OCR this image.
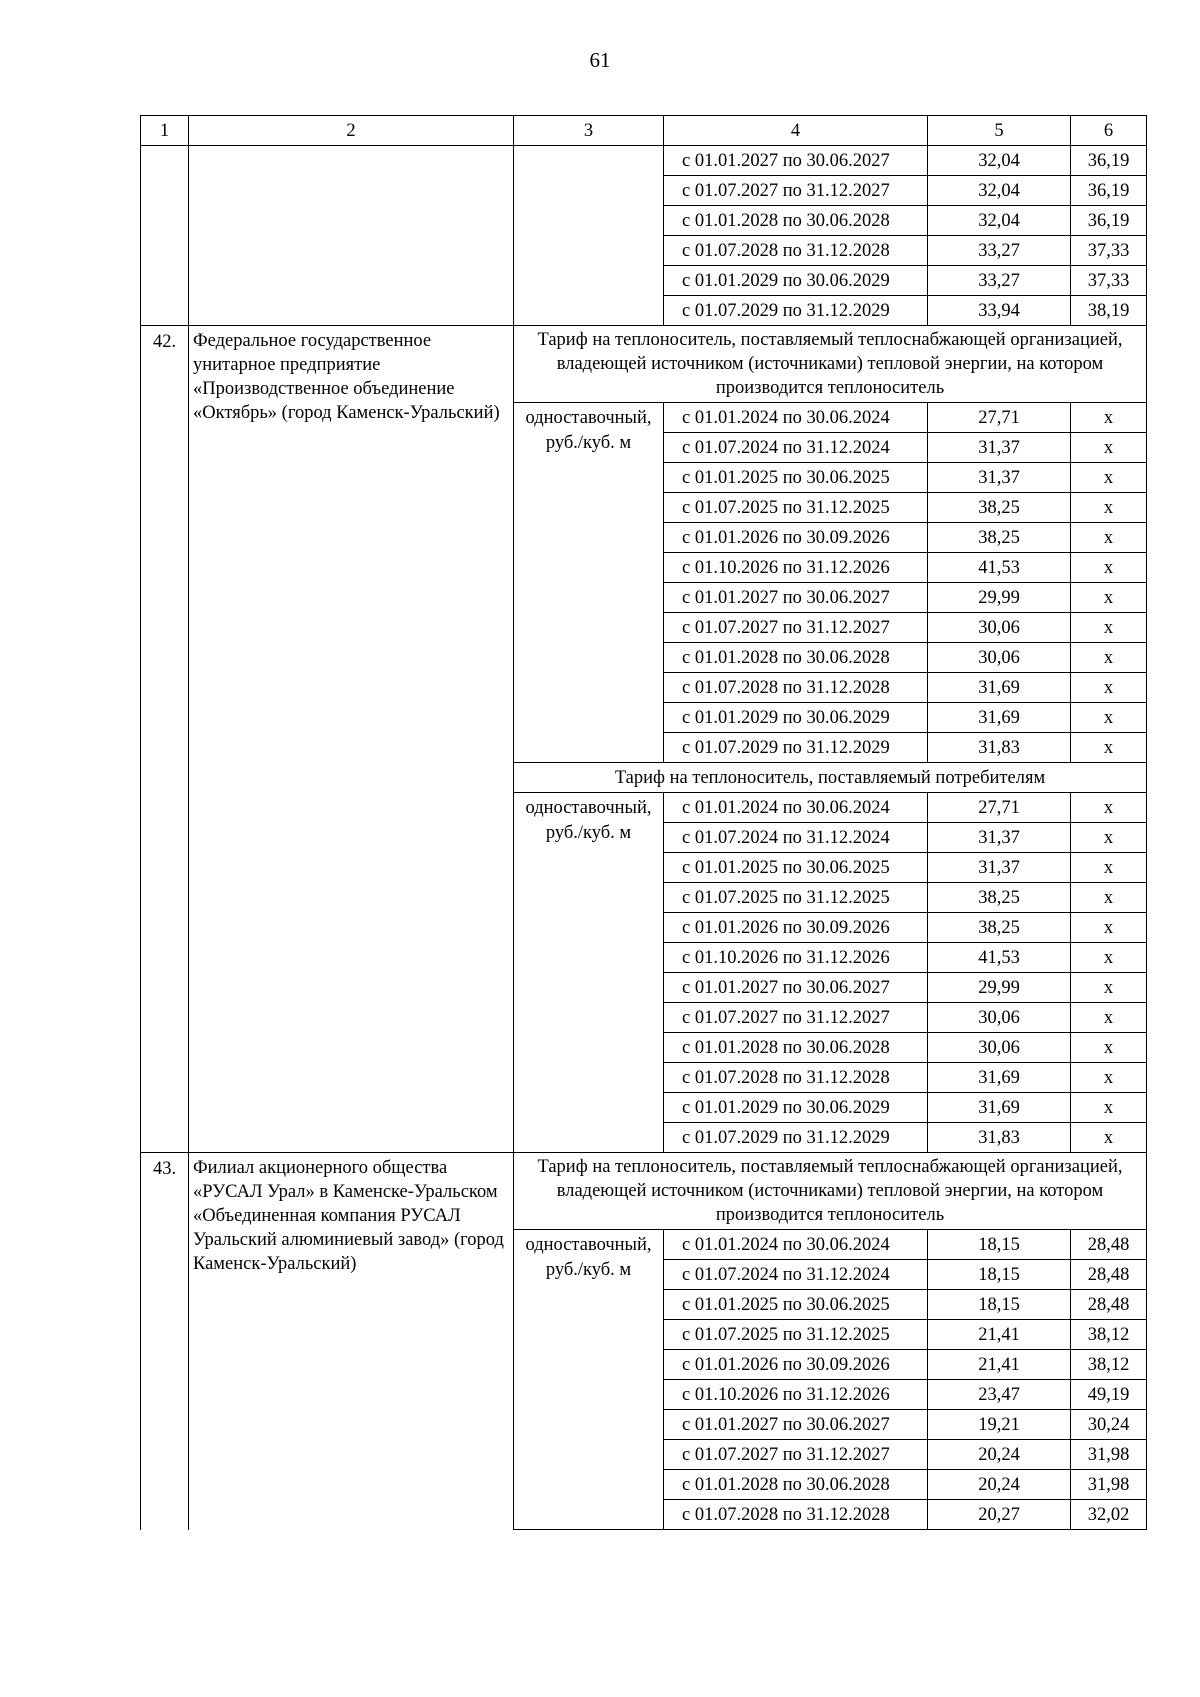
61
1	2	3	4	5	6
			с 01.01.2027 по 30.06.2027	32,04	36,19
			с 01.07.2027 по 31.12.2027	32,04	36,19
			с 01.01.2028 по 30.06.2028	32,04	36,19
			с 01.07.2028 по 31.12.2028	33,27	37,33
			с 01.01.2029 по 30.06.2029	33,27	37,33
			с 01.07.2029 по 31.12.2029	33,94	38,19
42.	Федеральное государственное унитарное предприятие «Производственное объединение «Октябрь» (город Каменск-Уральский)	Тариф на теплоноситель, поставляемый теплоснабжающей организацией, владеющей источником (источниками) тепловой энергии, на котором производится теплоноситель			
		одноставочный, руб./куб. м	с 01.01.2024 по 30.06.2024	27,71	х
			с 01.07.2024 по 31.12.2024	31,37	х
			с 01.01.2025 по 30.06.2025	31,37	х
			с 01.07.2025 по 31.12.2025	38,25	х
			с 01.01.2026 по 30.09.2026	38,25	х
			с 01.10.2026 по 31.12.2026	41,53	х
			с 01.01.2027 по 30.06.2027	29,99	х
			с 01.07.2027 по 31.12.2027	30,06	х
			с 01.01.2028 по 30.06.2028	30,06	х
			с 01.07.2028 по 31.12.2028	31,69	х
			с 01.01.2029 по 30.06.2029	31,69	х
			с 01.07.2029 по 31.12.2029	31,83	х
		Тариф на теплоноситель, поставляемый потребителям			
		одноставочный, руб./куб. м	с 01.01.2024 по 30.06.2024	27,71	х
			с 01.07.2024 по 31.12.2024	31,37	х
			с 01.01.2025 по 30.06.2025	31,37	х
			с 01.07.2025 по 31.12.2025	38,25	х
			с 01.01.2026 по 30.09.2026	38,25	х
			с 01.10.2026 по 31.12.2026	41,53	х
			с 01.01.2027 по 30.06.2027	29,99	х
			с 01.07.2027 по 31.12.2027	30,06	х
			с 01.01.2028 по 30.06.2028	30,06	х
			с 01.07.2028 по 31.12.2028	31,69	х
			с 01.01.2029 по 30.06.2029	31,69	х
			с 01.07.2029 по 31.12.2029	31,83	х
43.	Филиал акционерного общества «РУСАЛ Урал» в Каменске-Уральском «Объединенная компания РУСАЛ Уральский алюминиевый завод» (город Каменск-Уральский)	Тариф на теплоноситель, поставляемый теплоснабжающей организацией, владеющей источником (источниками) тепловой энергии, на котором производится теплоноситель			
		одноставочный, руб./куб. м	с 01.01.2024 по 30.06.2024	18,15	28,48
			с 01.07.2024 по 31.12.2024	18,15	28,48
			с 01.01.2025 по 30.06.2025	18,15	28,48
			с 01.07.2025 по 31.12.2025	21,41	38,12
			с 01.01.2026 по 30.09.2026	21,41	38,12
			с 01.10.2026 по 31.12.2026	23,47	49,19
			с 01.01.2027 по 30.06.2027	19,21	30,24
			с 01.07.2027 по 31.12.2027	20,24	31,98
			с 01.01.2028 по 30.06.2028	20,24	31,98
			с 01.07.2028 по 31.12.2028	20,27	32,02
